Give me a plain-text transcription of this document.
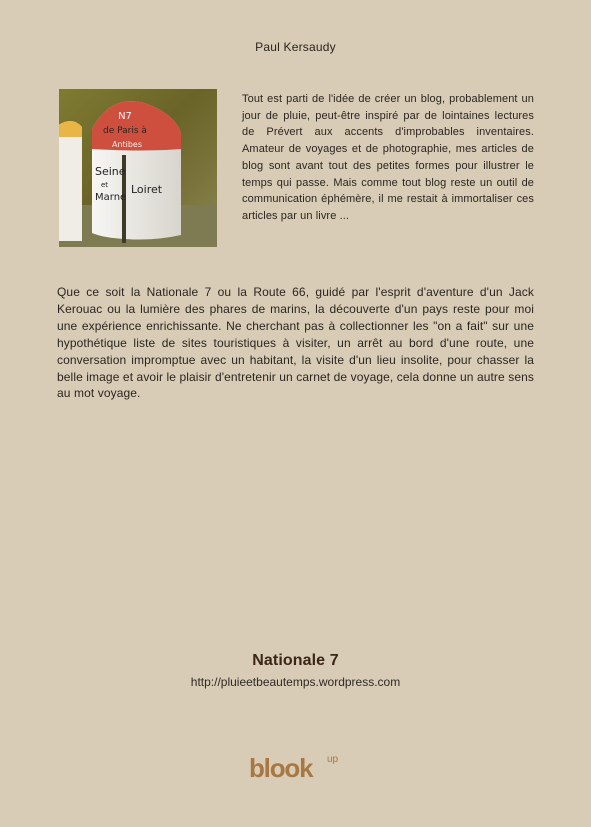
Paul Kersaudy
N7
de Paris à
Antibes
Seine
et
Marne
Loiret
Tout est parti de l'idée de créer un blog, probablement un jour de pluie, peut-être inspiré par de lointaines lectures de Prévert aux accents d'improbables inventaires. Amateur de voyages et de photographie, mes articles de blog sont avant tout des petites formes pour illustrer le temps qui passe. Mais comme tout blog reste un outil de communication éphémère, il me restait à immortaliser ces articles par un livre ...
Que ce soit la Nationale 7 ou la Route 66, guidé par l'esprit d'aventure d'un Jack Kerouac ou la lumière des phares de marins, la découverte d'un pays reste pour moi une expérience enrichissante. Ne cherchant pas à collectionner les "on a fait" sur une hypothétique liste de sites touristiques à visiter, un arrêt au bord d'une route, une conversation impromptue avec un habitant, la visite d'un lieu insolite, pour chasser la belle image et avoir le plaisir d'entretenir un carnet de voyage, cela donne un autre sens au mot voyage.
Nationale 7
http://pluieetbeautemps.wordpress.com
blook up
